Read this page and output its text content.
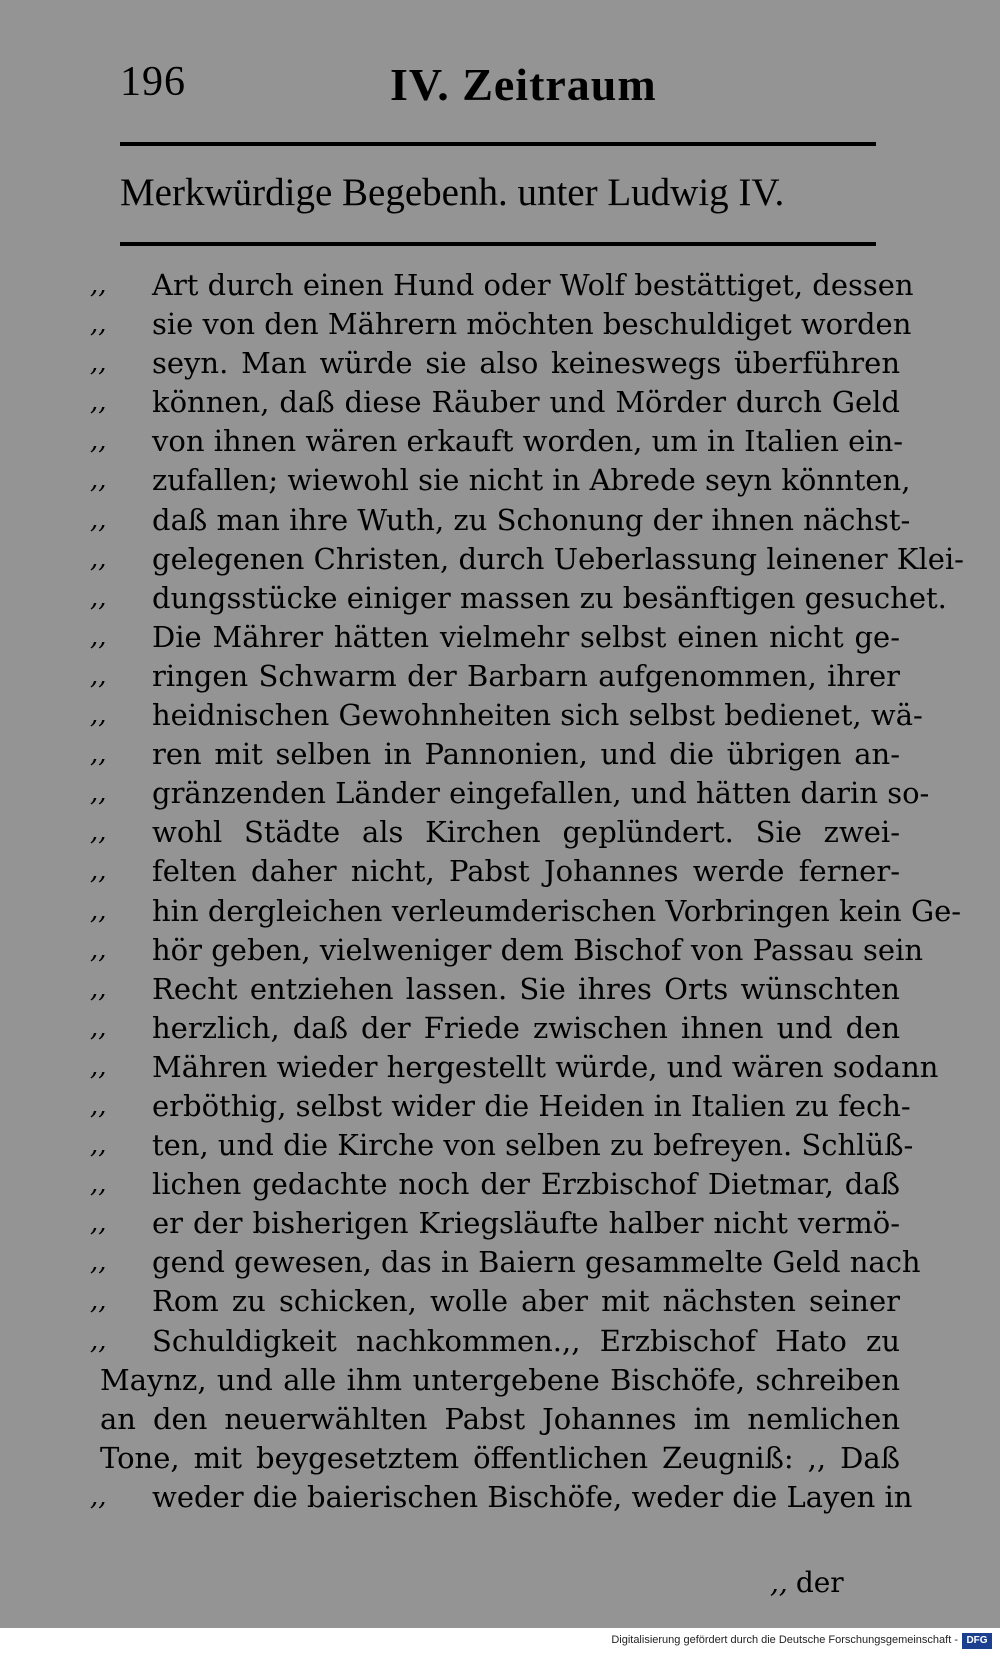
196	IV. Zeitraum
Merkwürdige Begebenh. unter Ludwig IV.
,,	Art durch einen Hund oder Wolf bestättiget, dessen
,,	sie von den Mährern möchten beschuldiget worden
,,	seyn. Man würde sie also keineswegs überführen
,,	können, daß diese Räuber und Mörder durch Geld
,,	von ihnen wären erkauft worden, um in Italien ein-
,,	zufallen; wiewohl sie nicht in Abrede seyn könnten,
,,	daß man ihre Wuth, zu Schonung der ihnen nächst-
,,	gelegenen Christen, durch Ueberlassung leinener Klei-
,,	dungsstücke einiger massen zu besänftigen gesuchet.
,,	Die Mährer hätten vielmehr selbst einen nicht ge-
,,	ringen Schwarm der Barbarn aufgenommen, ihrer
,,	heidnischen Gewohnheiten sich selbst bedienet, wä-
,,	ren mit selben in Pannonien, und die übrigen an-
,,	gränzenden Länder eingefallen, und hätten darin so-
,,	wohl Städte als Kirchen geplündert. Sie zwei-
,,	felten daher nicht, Pabst Johannes werde ferner-
,,	hin dergleichen verleumderischen Vorbringen kein Ge-
,,	hör geben, vielweniger dem Bischof von Passau sein
,,	Recht entziehen lassen. Sie ihres Orts wünschten
,,	herzlich, daß der Friede zwischen ihnen und den
,,	Mähren wieder hergestellt würde, und wären sodann
,,	erböthig, selbst wider die Heiden in Italien zu fech-
,,	ten, und die Kirche von selben zu befreyen. Schlüß-
,,	lichen gedachte noch der Erzbischof Dietmar, daß
,,	er der bisherigen Kriegsläufte halber nicht vermö-
,,	gend gewesen, das in Baiern gesammelte Geld nach
,,	Rom zu schicken, wolle aber mit nächsten seiner
,,	Schuldigkeit nachkommen.,, Erzbischof Hato zu
Maynz, und alle ihm untergebene Bischöfe, schreiben
an den neuerwählten Pabst Johannes im nemlichen
Tone, mit beygesetztem öffentlichen Zeugniß: ,, Daß
,,	weder die baierischen Bischöfe, weder die Layen in
,, der
Digitalisierung gefördert durch die Deutsche Forschungsgemeinschaft - DFG
